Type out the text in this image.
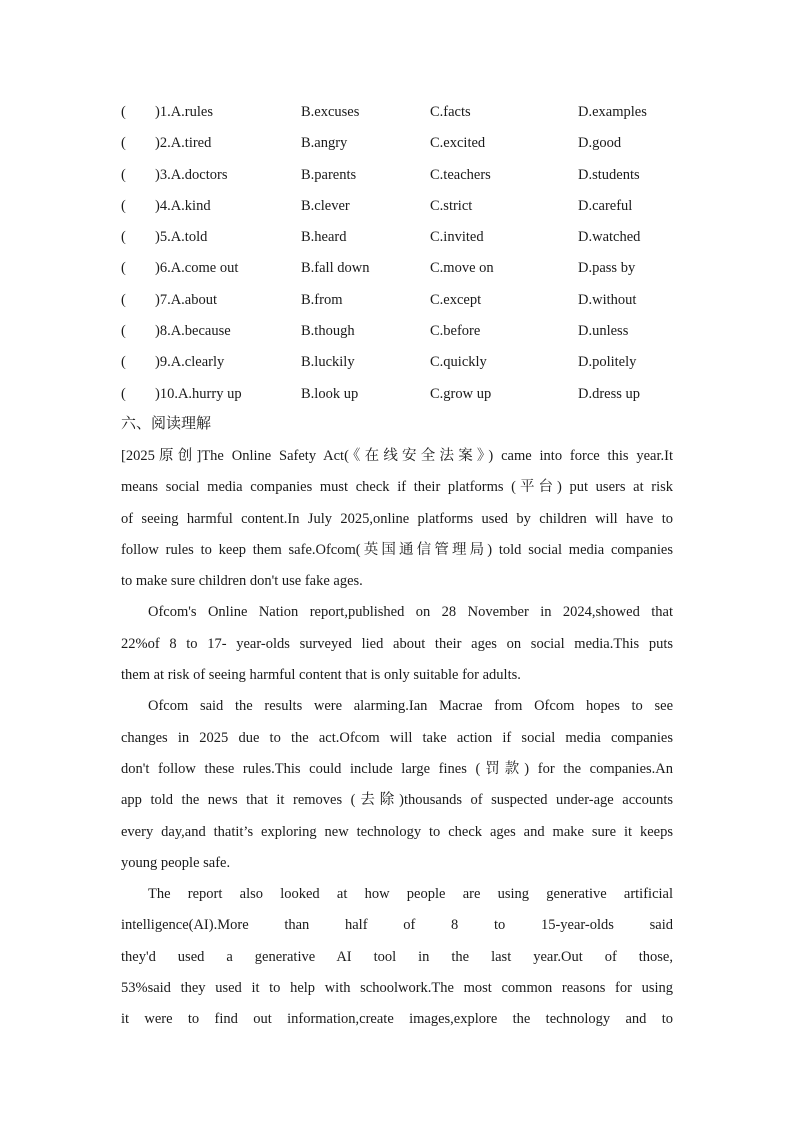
( )1.A.rules	B.excuses	C.facts	D.examples
( )2.A.tired	B.angry	C.excited	D.good
( )3.A.doctors	B.parents	C.teachers	D.students
( )4.A.kind	B.clever	C.strict	D.careful
( )5.A.told	B.heard	C.invited	D.watched
( )6.A.come out	B.fall down	C.move on	D.pass by
( )7.A.about	B.from	C.except	D.without
( )8.A.because	B.though	C.before	D.unless
( )9.A.clearly	B.luckily	C.quickly	D.politely
( )10.A.hurry up	B.look up	C.grow up	D.dress up
六、阅读理解
[2025原创]The Online Safety Act(《在线安全法案》) came into force this year.It
means social media companies must check if their platforms (平台) put users at risk
of seeing harmful content.In July 2025,online platforms used by children will have to
follow rules to keep them safe.Ofcom(英国通信管理局) told social media companies
to make sure children don't use fake ages.
Ofcom's Online Nation report,published on 28 November in 2024,showed that
22%of 8 to 17- year-olds surveyed lied about their ages on social media.This puts
them at risk of seeing harmful content that is only suitable for adults.
Ofcom said the results were alarming.Ian Macrae from Ofcom hopes to see
changes in 2025 due to the act.Ofcom will take action if social media companies
don't follow these rules.This could include large fines (罚款) for the companies.An
app told the news that it removes (去除)thousands of suspected under-age accounts
every day,and thatit’s exploring new technology to check ages and make sure it keeps
young people safe.
The report also looked at how people are using generative artificial
intelligence(AI).More than half of 8 to 15-year-olds said
they'd used a generative AI tool in the last year.Out of those,
53%said they used it to help with schoolwork.The most common reasons for using
it were to find out information,create images,explore the technology and to
